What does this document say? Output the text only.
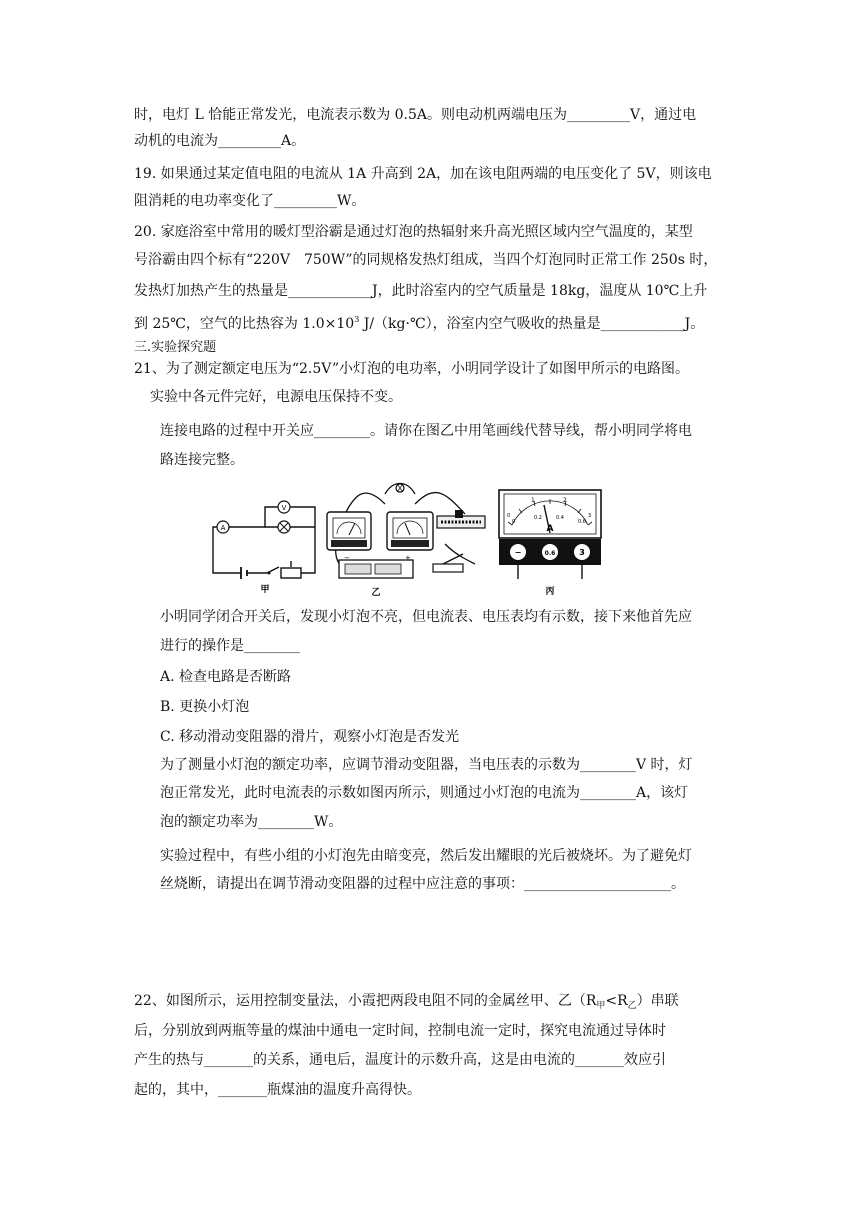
时，电灯 L 恰能正常发光，电流表示数为 0.5A。则电动机两端电压为_________V，通过电
动机的电流为_________A。
19. 如果通过某定值电阻的电流从 1A 升高到 2A，加在该电阻两端的电压变化了 5V，则该电
阻消耗的电功率变化了_________W。
20. 家庭浴室中常用的暖灯型浴霸是通过灯泡的热辐射来升高光照区域内空气温度的，某型
号浴霸由四个标有“220V　750W”的同规格发热灯组成，当四个灯泡同时正常工作 250s 时，
发热灯加热产生的热量是____________J，此时浴室内的空气质量是 18kg，温度从 10℃上升
到 25℃，空气的比热容为 $1.0\times 10^3$ J/（kg·℃），浴室内空气吸收的热量是____________J。
三.实验探究题
21、为了测定额定电压为“2.5V”小灯泡的电功率，小明同学设计了如图甲所示的电路图。
实验中各元件完好，电源电压保持不变。
连接电路的过程中开关应________。请你在图乙中用笔画线代替导线，帮小明同学将电
路连接完整。
A
V
甲
−	+
乙
1	2
0.2	0.4
0	3
0	0.6
A
−	0.6	3
丙
小明同学闭合开关后，发现小灯泡不亮，但电流表、电压表均有示数，接下来他首先应
进行的操作是________
A. 检查电路是否断路
B. 更换小灯泡
C. 移动滑动变阻器的滑片，观察小灯泡是否发光
为了测量小灯泡的额定功率，应调节滑动变阻器，当电压表的示数为________V 时，灯
泡正常发光，此时电流表的示数如图丙所示，则通过小灯泡的电流为________A，该灯
泡的额定功率为________W。
实验过程中，有些小组的小灯泡先由暗变亮，然后发出耀眼的光后被烧坏。为了避免灯
丝烧断，请提出在调节滑动变阻器的过程中应注意的事项：_____________________。
22、如图所示，运用控制变量法，小霞把两段电阻不同的金属丝甲、乙$(R_甲<R_乙)$串联
后，分别放到两瓶等量的煤油中通电一定时间，控制电流一定时，探究电流通过导体时
产生的热与_______的关系，通电后，温度计的示数升高，这是由电流的_______效应引
起的，其中，_______瓶煤油的温度升高得快。
